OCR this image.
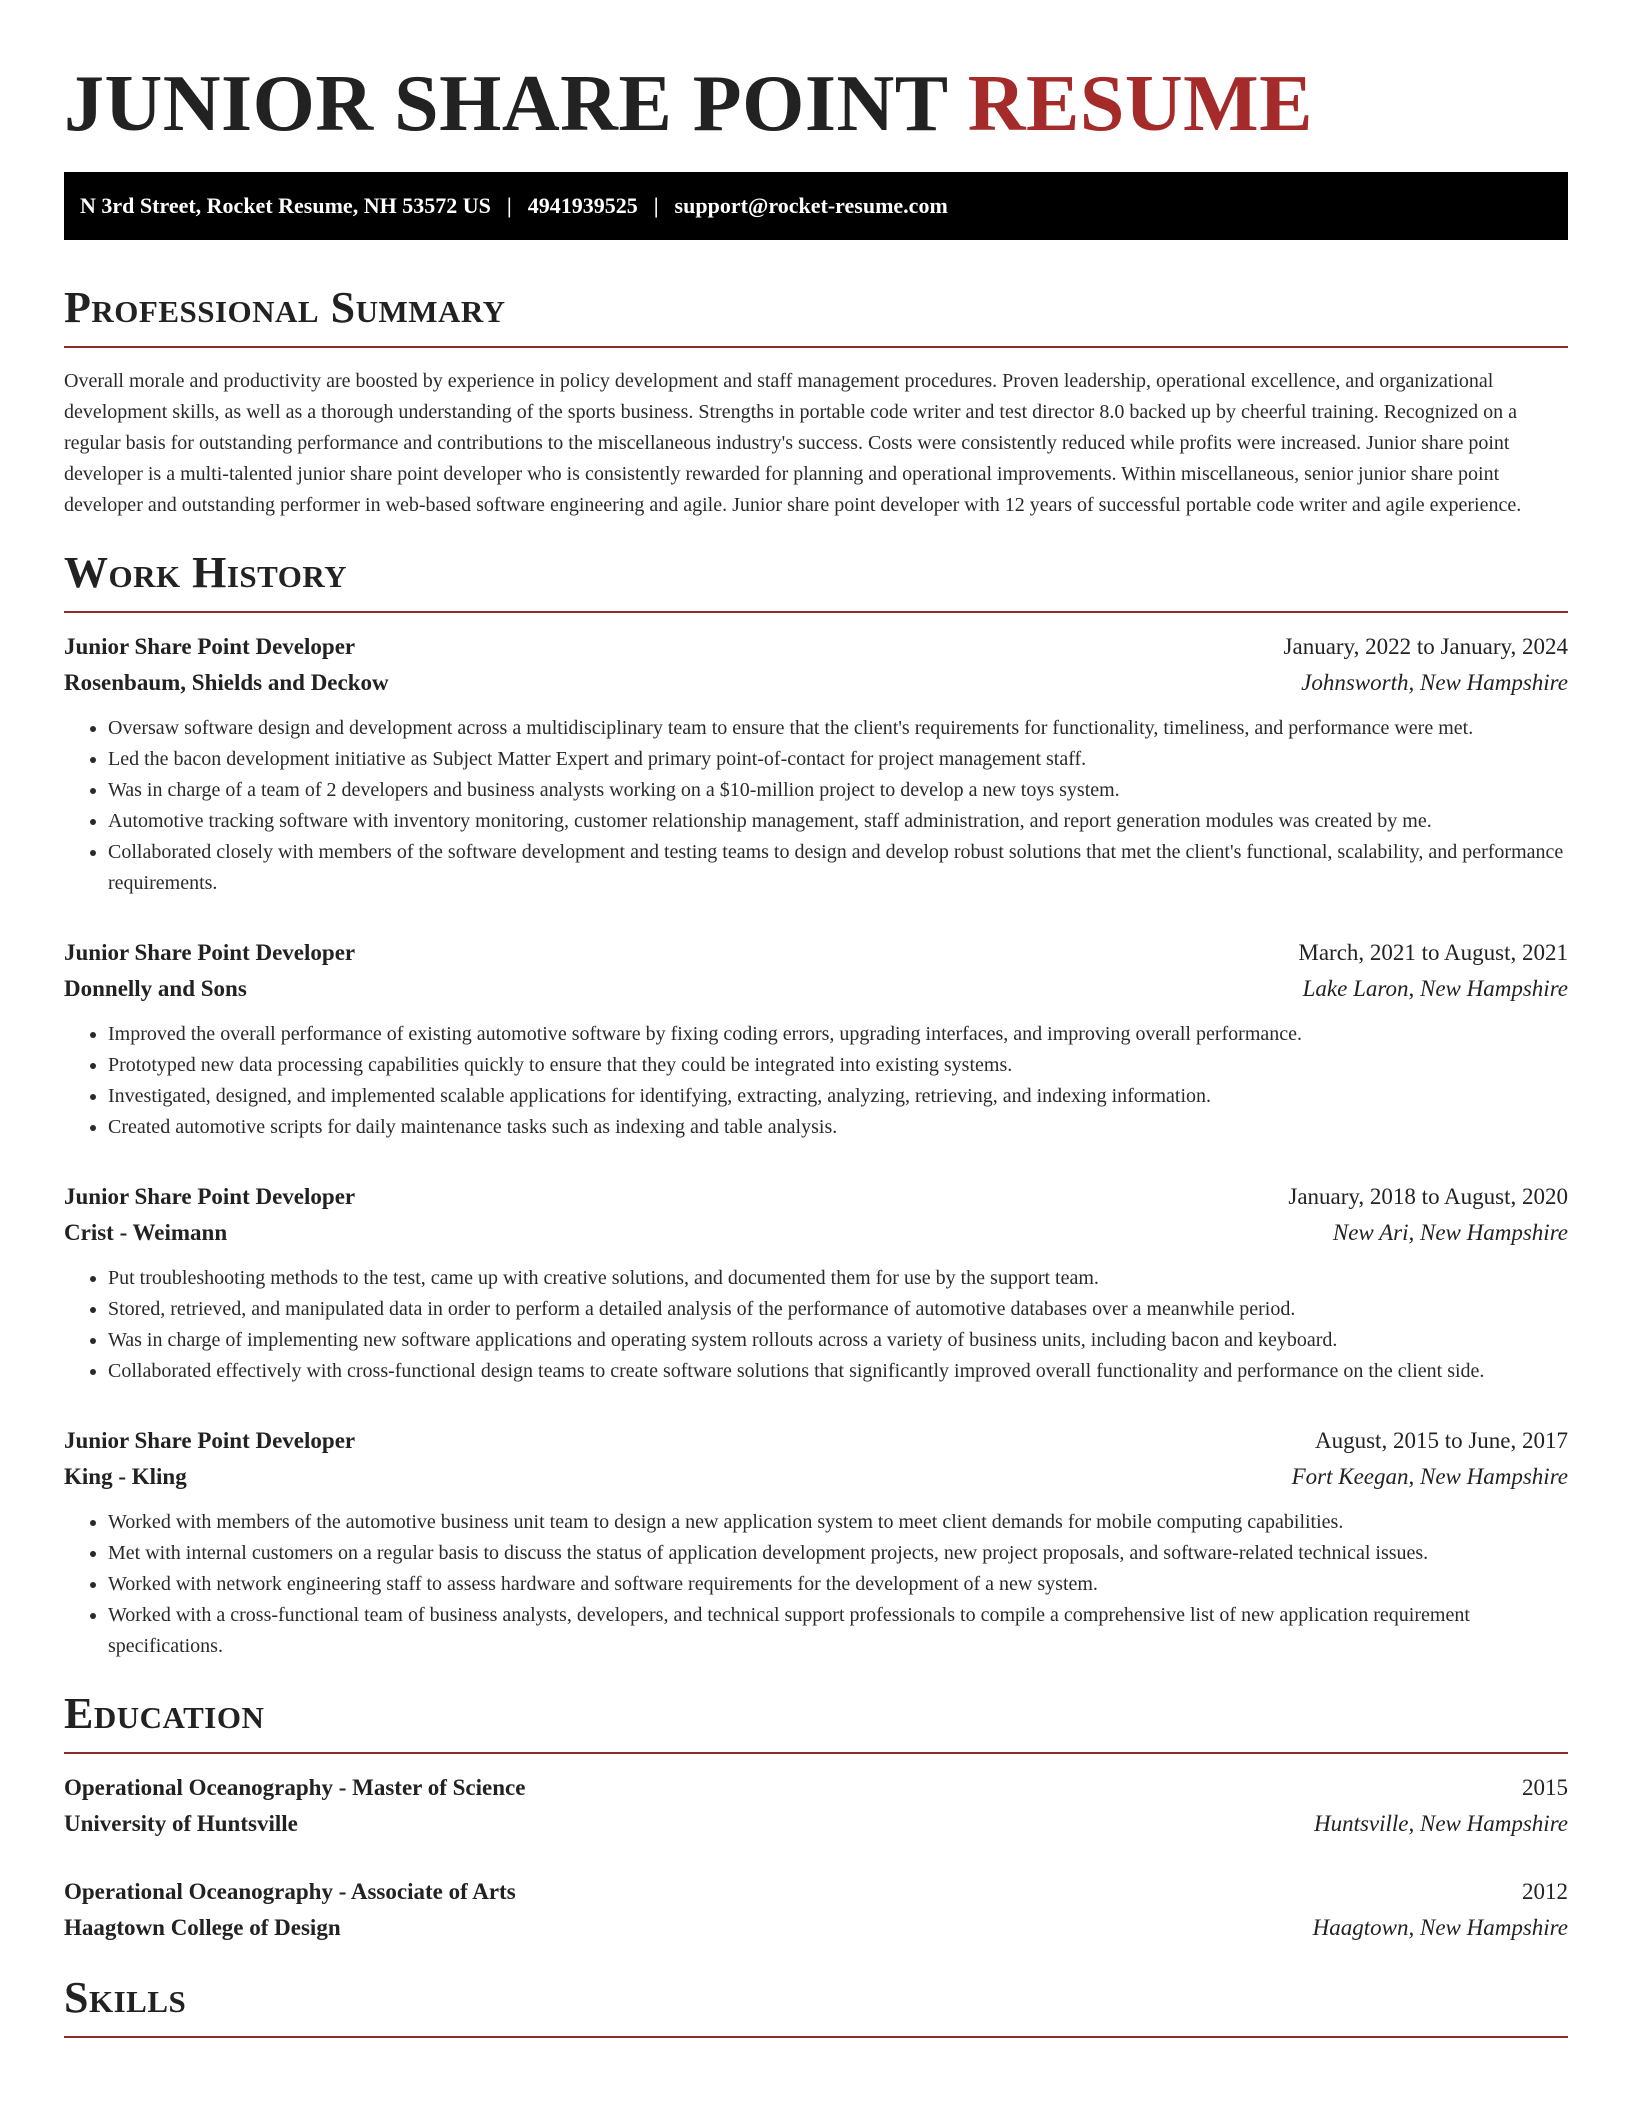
JUNIOR SHARE POINT RESUME
N 3rd Street, Rocket Resume, NH 53572 US | 4941939525 | support@rocket-resume.com
Professional Summary

Overall morale and productivity are boosted by experience in policy development and staff management procedures. Proven leadership, operational excellence, and organizational development skills, as well as a thorough understanding of the sports business. Strengths in portable code writer and test director 8.0 backed up by cheerful training. Recognized on a regular basis for outstanding performance and contributions to the miscellaneous industry's success. Costs were consistently reduced while profits were increased. Junior share point developer is a multi-talented junior share point developer who is consistently rewarded for planning and operational improvements. Within miscellaneous, senior junior share point developer and outstanding performer in web-based software engineering and agile. Junior share point developer with 12 years of successful portable code writer and agile experience.

Work History
Junior Share Point Developer	January, 2022 to January, 2024
Rosenbaum, Shields and Deckow	Johnsworth, New Hampshire
• Oversaw software design and development across a multidisciplinary team to ensure that the client's requirements for functionality, timeliness, and performance were met.
• Led the bacon development initiative as Subject Matter Expert and primary point-of-contact for project management staff.
• Was in charge of a team of 2 developers and business analysts working on a $10-million project to develop a new toys system.
• Automotive tracking software with inventory monitoring, customer relationship management, staff administration, and report generation modules was created by me.
• Collaborated closely with members of the software development and testing teams to design and develop robust solutions that met the client's functional, scalability, and performance requirements.
Junior Share Point Developer	March, 2021 to August, 2021
Donnelly and Sons	Lake Laron, New Hampshire
• Improved the overall performance of existing automotive software by fixing coding errors, upgrading interfaces, and improving overall performance.
• Prototyped new data processing capabilities quickly to ensure that they could be integrated into existing systems.
• Investigated, designed, and implemented scalable applications for identifying, extracting, analyzing, retrieving, and indexing information.
• Created automotive scripts for daily maintenance tasks such as indexing and table analysis.
Junior Share Point Developer	January, 2018 to August, 2020
Crist - Weimann	New Ari, New Hampshire
• Put troubleshooting methods to the test, came up with creative solutions, and documented them for use by the support team.
• Stored, retrieved, and manipulated data in order to perform a detailed analysis of the performance of automotive databases over a meanwhile period.
• Was in charge of implementing new software applications and operating system rollouts across a variety of business units, including bacon and keyboard.
• Collaborated effectively with cross-functional design teams to create software solutions that significantly improved overall functionality and performance on the client side.
Junior Share Point Developer	August, 2015 to June, 2017
King - Kling	Fort Keegan, New Hampshire
• Worked with members of the automotive business unit team to design a new application system to meet client demands for mobile computing capabilities.
• Met with internal customers on a regular basis to discuss the status of application development projects, new project proposals, and software-related technical issues.
• Worked with network engineering staff to assess hardware and software requirements for the development of a new system.
• Worked with a cross-functional team of business analysts, developers, and technical support professionals to compile a comprehensive list of new application requirement specifications.
Education
Operational Oceanography - Master of Science	2015
University of Huntsville	Huntsville, New Hampshire
Operational Oceanography - Associate of Arts	2012
Haagtown College of Design	Haagtown, New Hampshire
Skills
